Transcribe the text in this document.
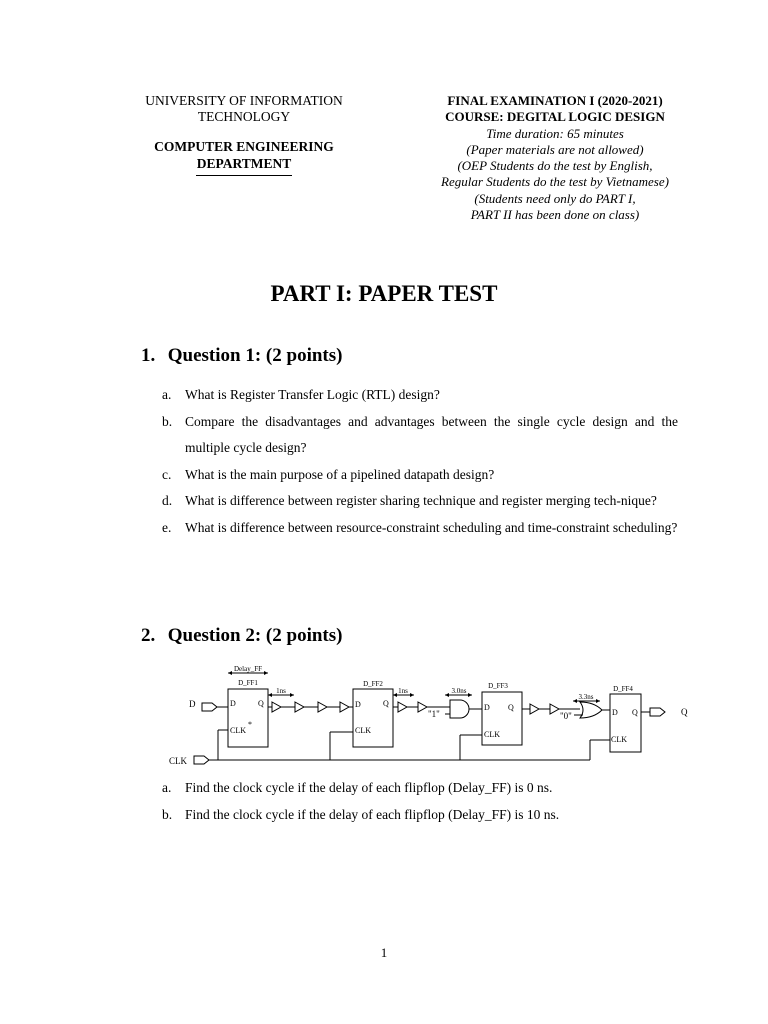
UNIVERSITY OF INFORMATION TECHNOLOGY
COMPUTER ENGINEERING DEPARTMENT
FINAL EXAMINATION I (2020-2021)
COURSE: DEGITAL LOGIC DESIGN
Time duration: 65 minutes
(Paper materials are not allowed)
(OEP Students do the test by English,
Regular Students do the test by Vietnamese)
(Students need only do PART I,
PART II has been done on class)
PART I: PAPER TEST
1. Question 1: (2 points)
a. What is Register Transfer Logic (RTL) design?
b. Compare the disadvantages and advantages between the single cycle design and the multiple cycle design?
c. What is the main purpose of a pipelined datapath design?
d. What is difference between register sharing technique and register merging tech-nique?
e. What is difference between resource-constraint scheduling and time-constraint scheduling?
2. Question 2: (2 points)
Delay_FF
D_FF1	D_FF2	D_FF3	D_FF4
1ns	1ns	3.0ns
3.3ns
D
CLK
Q
D	Q
CLK
*
D	Q
CLK
D Q
CLK
D Q
CLK
"1"	"0"
a. Find the clock cycle if the delay of each flipflop (Delay_FF) is 0 ns.
b. Find the clock cycle if the delay of each flipflop (Delay_FF) is 10 ns.
1
